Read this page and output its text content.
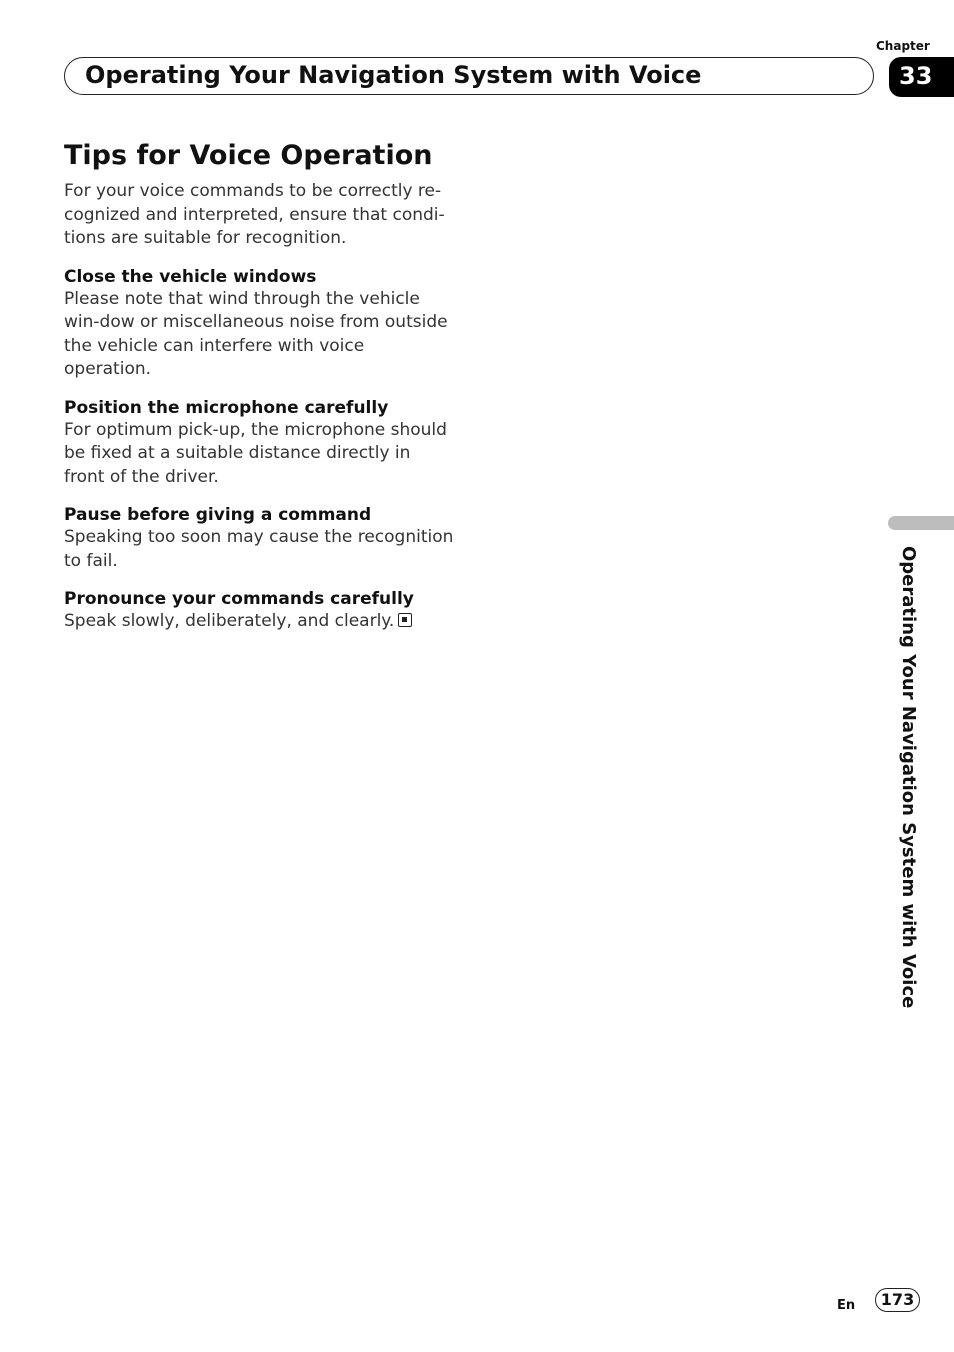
Chapter
Operating Your Navigation System with Voice	33
Operating Your Navigation System with Voice
Tips for Voice Operation

For your voice commands to be correctly re-cognized and interpreted, ensure that condi-tions are suitable for recognition.

Close the vehicle windows

Please note that wind through the vehicle win-dow or miscellaneous noise from outside the vehicle can interfere with voice operation.

Position the microphone carefully

For optimum pick-up, the microphone should be fixed at a suitable distance directly in front of the driver.

Pause before giving a command

Speaking too soon may cause the recognition to fail.

Pronounce your commands carefully

Speak slowly, deliberately, and clearly.

En	173
